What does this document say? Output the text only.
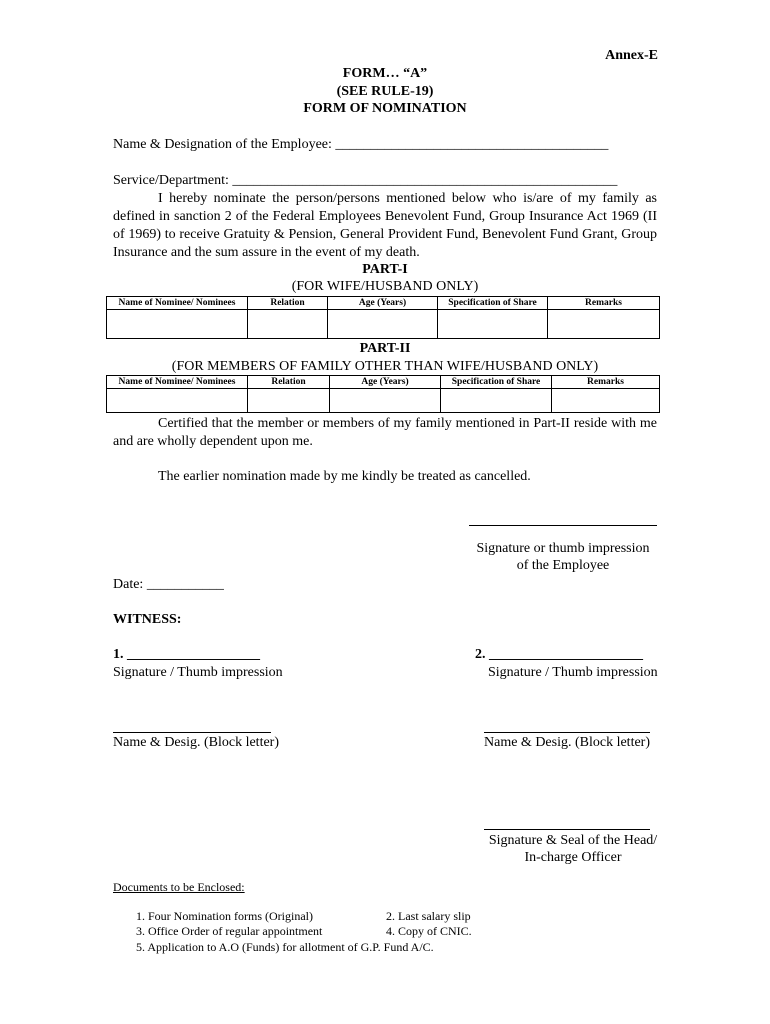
Annex-E
FORM… “A”
(SEE RULE-19)
FORM OF NOMINATION
Name & Designation of the Employee: _______________________________________
Service/Department: _______________________________________________________
I hereby nominate the person/persons mentioned below who is/are of my family as defined in sanction 2 of the Federal Employees Benevolent Fund, Group Insurance Act 1969 (II of 1969) to receive Gratuity & Pension, General Provident Fund, Benevolent Fund Grant, Group Insurance and the sum assure in the event of my death.
PART-I
(FOR WIFE/HUSBAND ONLY)
Name of Nominee/ Nominees	Relation	Age (Years)	Specification of Share	Remarks

PART-II
(FOR MEMBERS OF FAMILY OTHER THAN WIFE/HUSBAND ONLY)
Name of Nominee/ Nominees	Relation	Age (Years)	Specification of Share	Remarks

Certified that the member or members of my family mentioned in Part-II reside with me and are wholly dependent upon me.
The earlier nomination made by me kindly be treated as cancelled.
Signature or thumb impression
of the Employee
Date: ___________
WITNESS:
1. ___________________	2. ______________________
Signature / Thumb impression	Signature / Thumb impression
Name & Desig. (Block letter)	Name & Desig. (Block letter)
Signature & Seal of the Head/
In-charge Officer
Documents to be Enclosed:
1. Four Nomination forms (Original)	2. Last salary slip
3. Office Order of regular appointment	4. Copy of CNIC.
5. Application to A.O (Funds) for allotment of G.P. Fund A/C.
